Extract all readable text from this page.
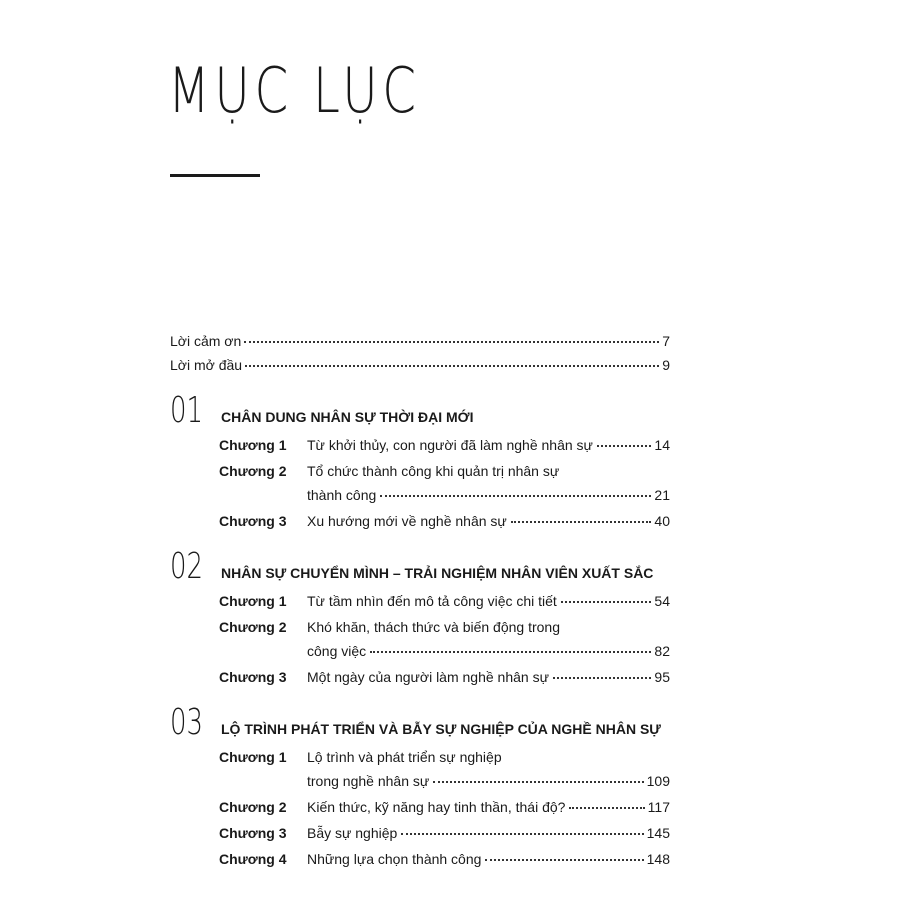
MỤC LỤC
Lời cảm ơn	7
Lời mở đầu	9
01 CHÂN DUNG NHÂN SỰ THỜI ĐẠI MỚI
Chương 1	Từ khởi thủy, con người đã làm nghề nhân sự	14
Chương 2	Tổ chức thành công khi quản trị nhân sự
thành công	21
Chương 3	Xu hướng mới về nghề nhân sự	40
02 NHÂN SỰ CHUYỂN MÌNH – TRẢI NGHIỆM NHÂN VIÊN XUẤT SẮC
Chương 1	Từ tầm nhìn đến mô tả công việc chi tiết	54
Chương 2	Khó khăn, thách thức và biến động trong
công việc	82
Chương 3	Một ngày của người làm nghề nhân sự	95
03 LỘ TRÌNH PHÁT TRIỂN VÀ BẪY SỰ NGHIỆP CỦA NGHỀ NHÂN SỰ
Chương 1	Lộ trình và phát triển sự nghiệp
trong nghề nhân sự	109
Chương 2	Kiến thức, kỹ năng hay tinh thần, thái độ?	117
Chương 3	Bẫy sự nghiệp	145
Chương 4	Những lựa chọn thành công	148
